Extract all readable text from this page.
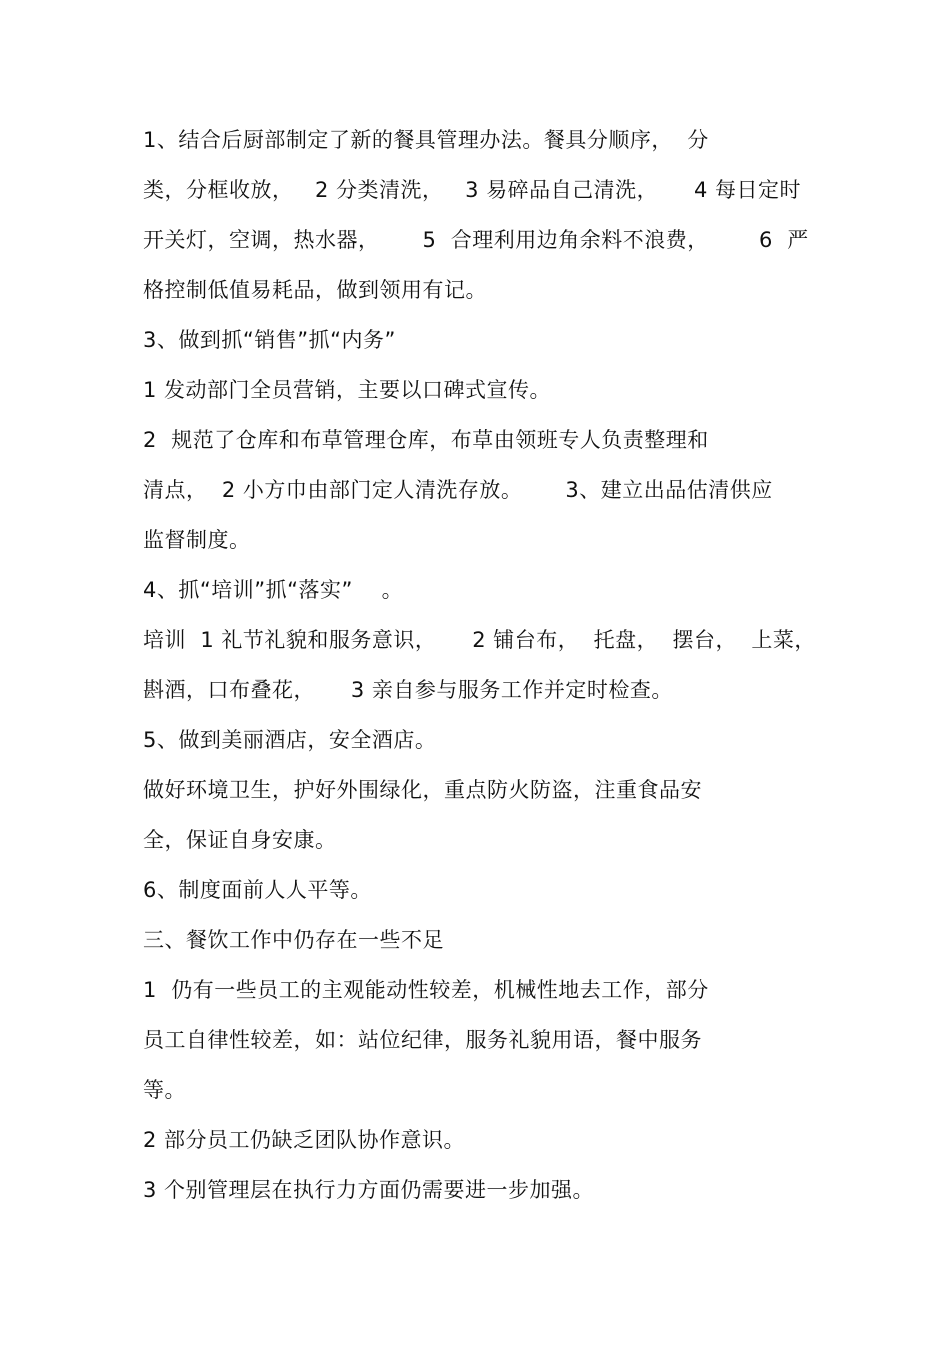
1、结合后厨部制定了新的餐具管理办法。餐具分顺序，  分
类，分框收放，   2 分类清洗，   3 易碎品自己清洗，     4 每日定时
开关灯，空调，热水器，      5  合理利用边角余料不浪费，       6  严
格控制低值易耗品，做到领用有记。
3、做到抓“销售”抓“内务”
1 发动部门全员营销，主要以口碑式宣传。
2  规范了仓库和布草管理仓库，布草由领班专人负责整理和
清点，  2 小方巾由部门定人清洗存放。      3、建立出品估清供应
监督制度。
4、抓“培训”抓“落实”    。
培训  1 礼节礼貌和服务意识，     2 铺台布，  托盘，  摆台，  上菜，
斟酒，口布叠花，     3 亲自参与服务工作并定时检查。
5、做到美丽酒店，安全酒店。
做好环境卫生，护好外围绿化，重点防火防盗，注重食品安
全，保证自身安康。
6、制度面前人人平等。
三、餐饮工作中仍存在一些不足
1  仍有一些员工的主观能动性较差，机械性地去工作，部分
员工自律性较差，如：站位纪律，服务礼貌用语，餐中服务
等。
2 部分员工仍缺乏团队协作意识。
3 个别管理层在执行力方面仍需要进一步加强。
